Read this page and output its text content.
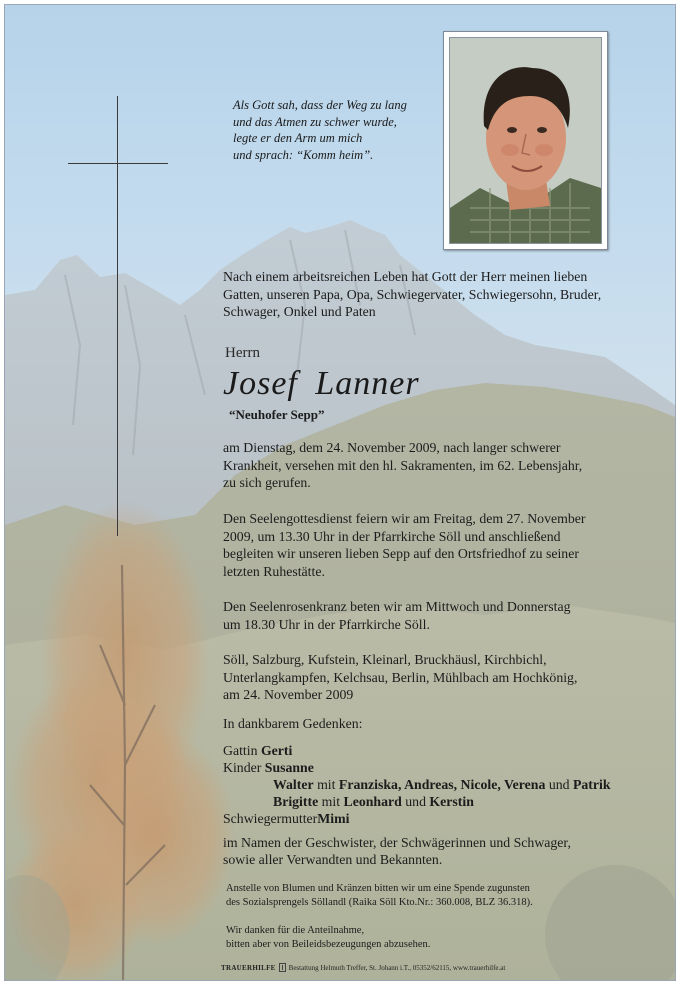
Als Gott sah, dass der Weg zu lang
und das Atmen zu schwer wurde,
legte er den Arm um mich
und sprach: “Komm heim”.
Nach einem arbeitsreichen Leben hat Gott der Herr meinen lieben
Gatten, unseren Papa, Opa, Schwiegervater, Schwiegersohn, Bruder,
Schwager, Onkel und Paten
Herrn
Josef Lanner
“Neuhofer Sepp”
am Dienstag, dem 24. November 2009, nach langer schwerer
Krankheit, versehen mit den hl. Sakramenten, im 62. Lebensjahr,
zu sich gerufen.
Den Seelengottesdienst feiern wir am Freitag, dem 27. November
2009, um 13.30 Uhr in der Pfarrkirche Söll und anschließend
begleiten wir unseren lieben Sepp auf den Ortsfriedhof zu seiner
letzten Ruhestätte.
Den Seelenrosenkranz beten wir am Mittwoch und Donnerstag
um 18.30 Uhr in der Pfarrkirche Söll.
Söll, Salzburg, Kufstein, Kleinarl, Bruckhäusl, Kirchbichl,
Unterlangkampfen, Kelchsau, Berlin, Mühlbach am Hochkönig,
am 24. November 2009
In dankbarem Gedenken:
Gattin Gerti
Kinder Susanne
Walter mit Franziska, Andreas, Nicole, Verena und Patrik
Brigitte mit Leonhard und Kerstin
SchwiegermutterMimi
im Namen der Geschwister, der Schwägerinnen und Schwager,
sowie aller Verwandten und Bekannten.
Anstelle von Blumen und Kränzen bitten wir um eine Spende zugunsten
des Sozialsprengels Söllandl (Raika Söll Kto.Nr.: 360.008, BLZ 36.318).
Wir danken für die Anteilnahme,
bitten aber von Beileidsbezeugungen abzusehen.
TRAUERHILFE Bestattung Helmuth Treffer, St. Johann i.T., 05352/62115, www.trauerhilfe.at
